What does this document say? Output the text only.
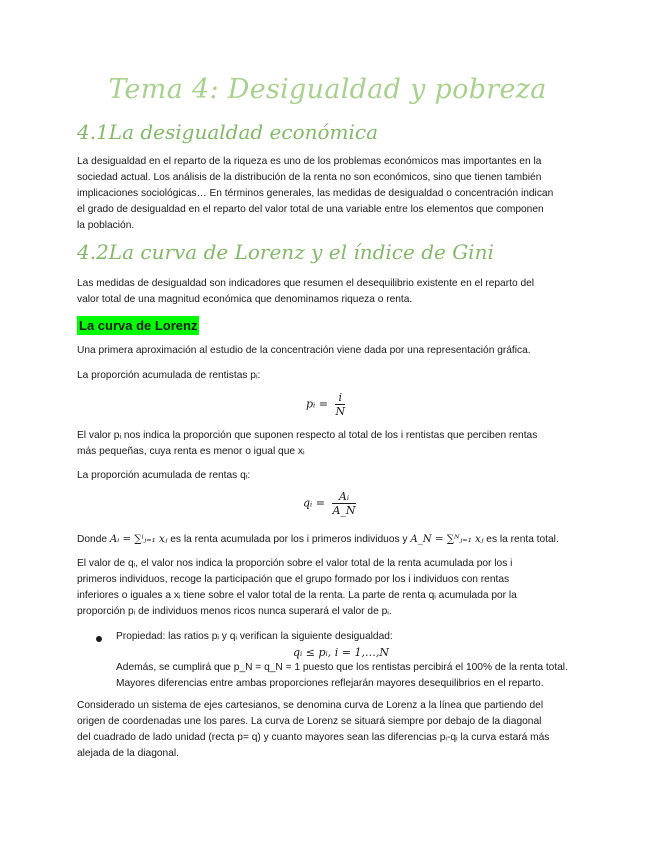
Tema 4: Desigualdad y pobreza
4.1La desigualdad económica
La desigualdad en el reparto de la riqueza es uno de los problemas económicos mas importantes en la
sociedad actual. Los análisis de la distribución de la renta no son económicos, sino que tienen también
implicaciones sociológicas… En términos generales, las medidas de desigualdad o concentración indican
el grado de desigualdad en el reparto del valor total de una variable entre los elementos que componen
la población.
4.2La curva de Lorenz y el índice de Gini
Las medidas de desigualdad son indicadores que resumen el desequilibrio existente en el reparto del
valor total de una magnitud económica que denominamos riqueza o renta.
La curva de Lorenz
Una primera aproximación al estudio de la concentración viene dada por una representación gráfica.
La proporción acumulada de rentistas pᵢ:
pᵢ = $\frac{i}{N}$
El valor pᵢ nos indica la proporción que suponen respecto al total de los i rentistas que perciben rentas
más pequeñas, cuya renta es menor o igual que xᵢ
La proporción acumulada de rentas qᵢ:
qᵢ = $\frac{\text{Aᵢ}}{A\_N}$
Donde Aᵢ = ∑ⁱⱼ₌₁ xⱼ es la renta acumulada por los i primeros individuos y A_N = ∑ᴺⱼ₌₁ xⱼ es la renta total.
El valor de qᵢ, el valor nos indica la proporción sobre el valor total de la renta acumulada por los i
primeros individuos, recoge la participación que el grupo formado por los i individuos con rentas
inferiores o iguales a xᵢ tiene sobre el valor total de la renta. La parte de renta qᵢ acumulada por la
proporción pᵢ de individuos menos ricos nunca superará el valor de pᵢ.
Propiedad: las ratios pᵢ y qᵢ verifican la siguiente desigualdad:
qᵢ ≤ pᵢ, i = 1,…,N
Además, se cumplirá que p_N = q_N = 1 puesto que los rentistas percibirá el 100% de la renta total.
Mayores diferencias entre ambas proporciones reflejarán mayores desequilibrios en el reparto.
Considerado un sistema de ejes cartesianos, se denomina curva de Lorenz a la línea que partiendo del
origen de coordenadas une los pares. La curva de Lorenz se situará siempre por debajo de la diagonal
del cuadrado de lado unidad (recta p= q) y cuanto mayores sean las diferencias pᵢ-qᵢ la curva estará más
alejada de la diagonal.
